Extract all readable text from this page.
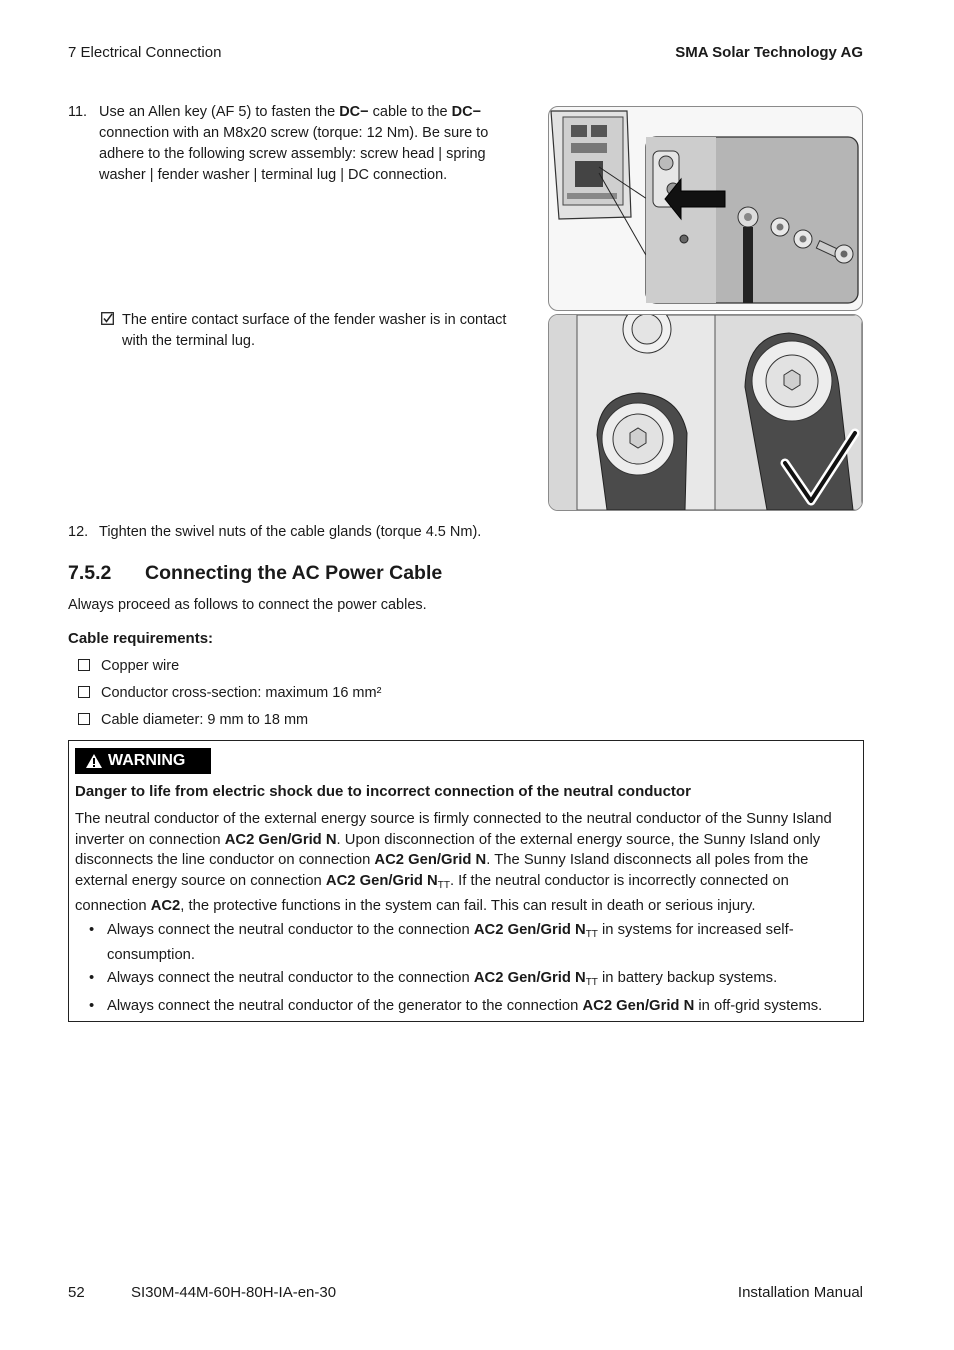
7 Electrical Connection	SMA Solar Technology AG
11. Use an Allen key (AF 5) to fasten the DC− cable to the DC− connection with an M8x20 screw (torque: 12 Nm). Be sure to adhere to the following screw assembly: screw head | spring washer | fender washer | terminal lug | DC connection.
The entire contact surface of the fender washer is in contact with the terminal lug.
12. Tighten the swivel nuts of the cable glands (torque 4.5 Nm).
7.5.2 Connecting the AC Power Cable
Always proceed as follows to connect the power cables.
Cable requirements:
Copper wire
Conductor cross-section: maximum 16 mm²
Cable diameter: 9 mm to 18 mm
WARNING
Danger to life from electric shock due to incorrect connection of the neutral conductor
The neutral conductor of the external energy source is firmly connected to the neutral conductor of the Sunny Island inverter on connection AC2 Gen/Grid N. Upon disconnection of the external energy source, the Sunny Island only disconnects the line conductor on connection AC2 Gen/Grid N. The Sunny Island disconnects all poles from the external energy source on connection AC2 Gen/Grid $N_{TT}$. If the neutral conductor is incorrectly connected on connection AC2, the protective functions in the system can fail. This can result in death or serious injury.
• Always connect the neutral conductor to the connection AC2 Gen/Grid $N_{TT}$ in systems for increased self-consumption.
• Always connect the neutral conductor to the connection AC2 Gen/Grid $N_{TT}$ in battery backup systems.
• Always connect the neutral conductor of the generator to the connection AC2 Gen/Grid N in off-grid systems.
52	SI30M-44M-60H-80H-IA-en-30	Installation Manual
